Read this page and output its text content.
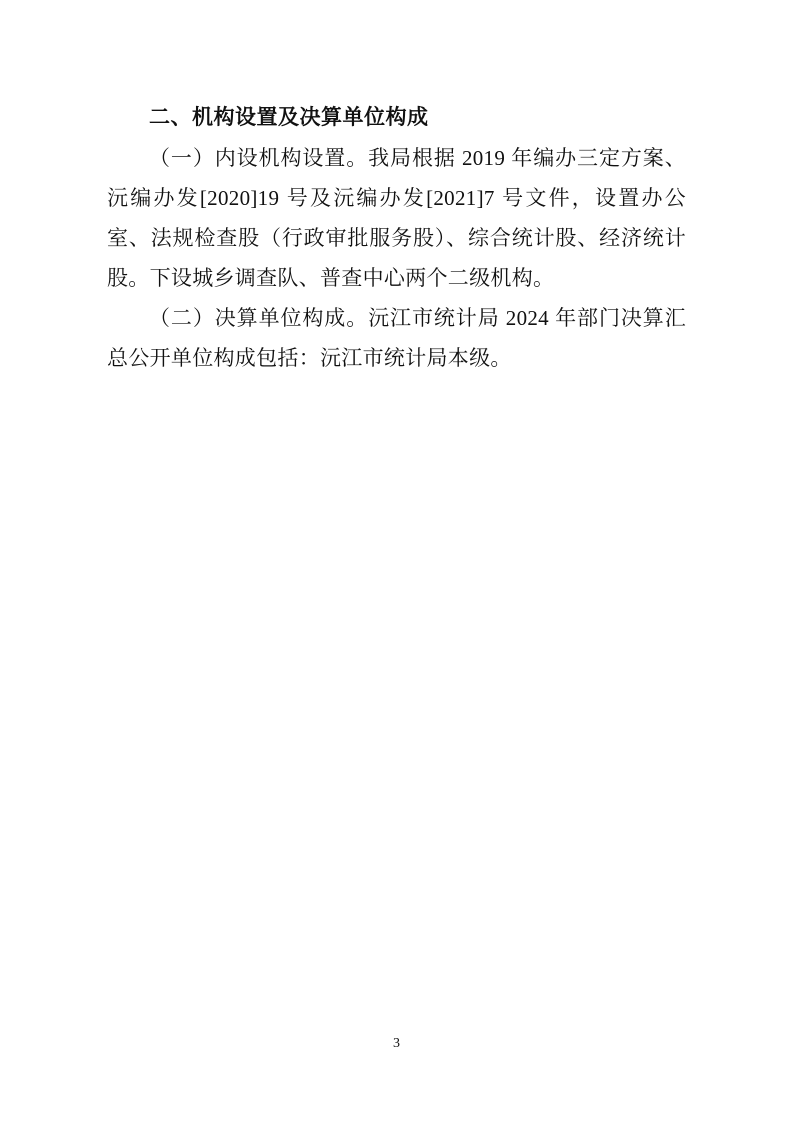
二、机构设置及决算单位构成

（一）内设机构设置。我局根据 2019 年编办三定方案、沅编办发[2020]19 号及沅编办发[2021]7 号文件，设置办公室、法规检查股（行政审批服务股）、综合统计股、经济统计股。下设城乡调查队、普查中心两个二级机构。

（二）决算单位构成。沅江市统计局 2024 年部门决算汇总公开单位构成包括：沅江市统计局本级。

3
